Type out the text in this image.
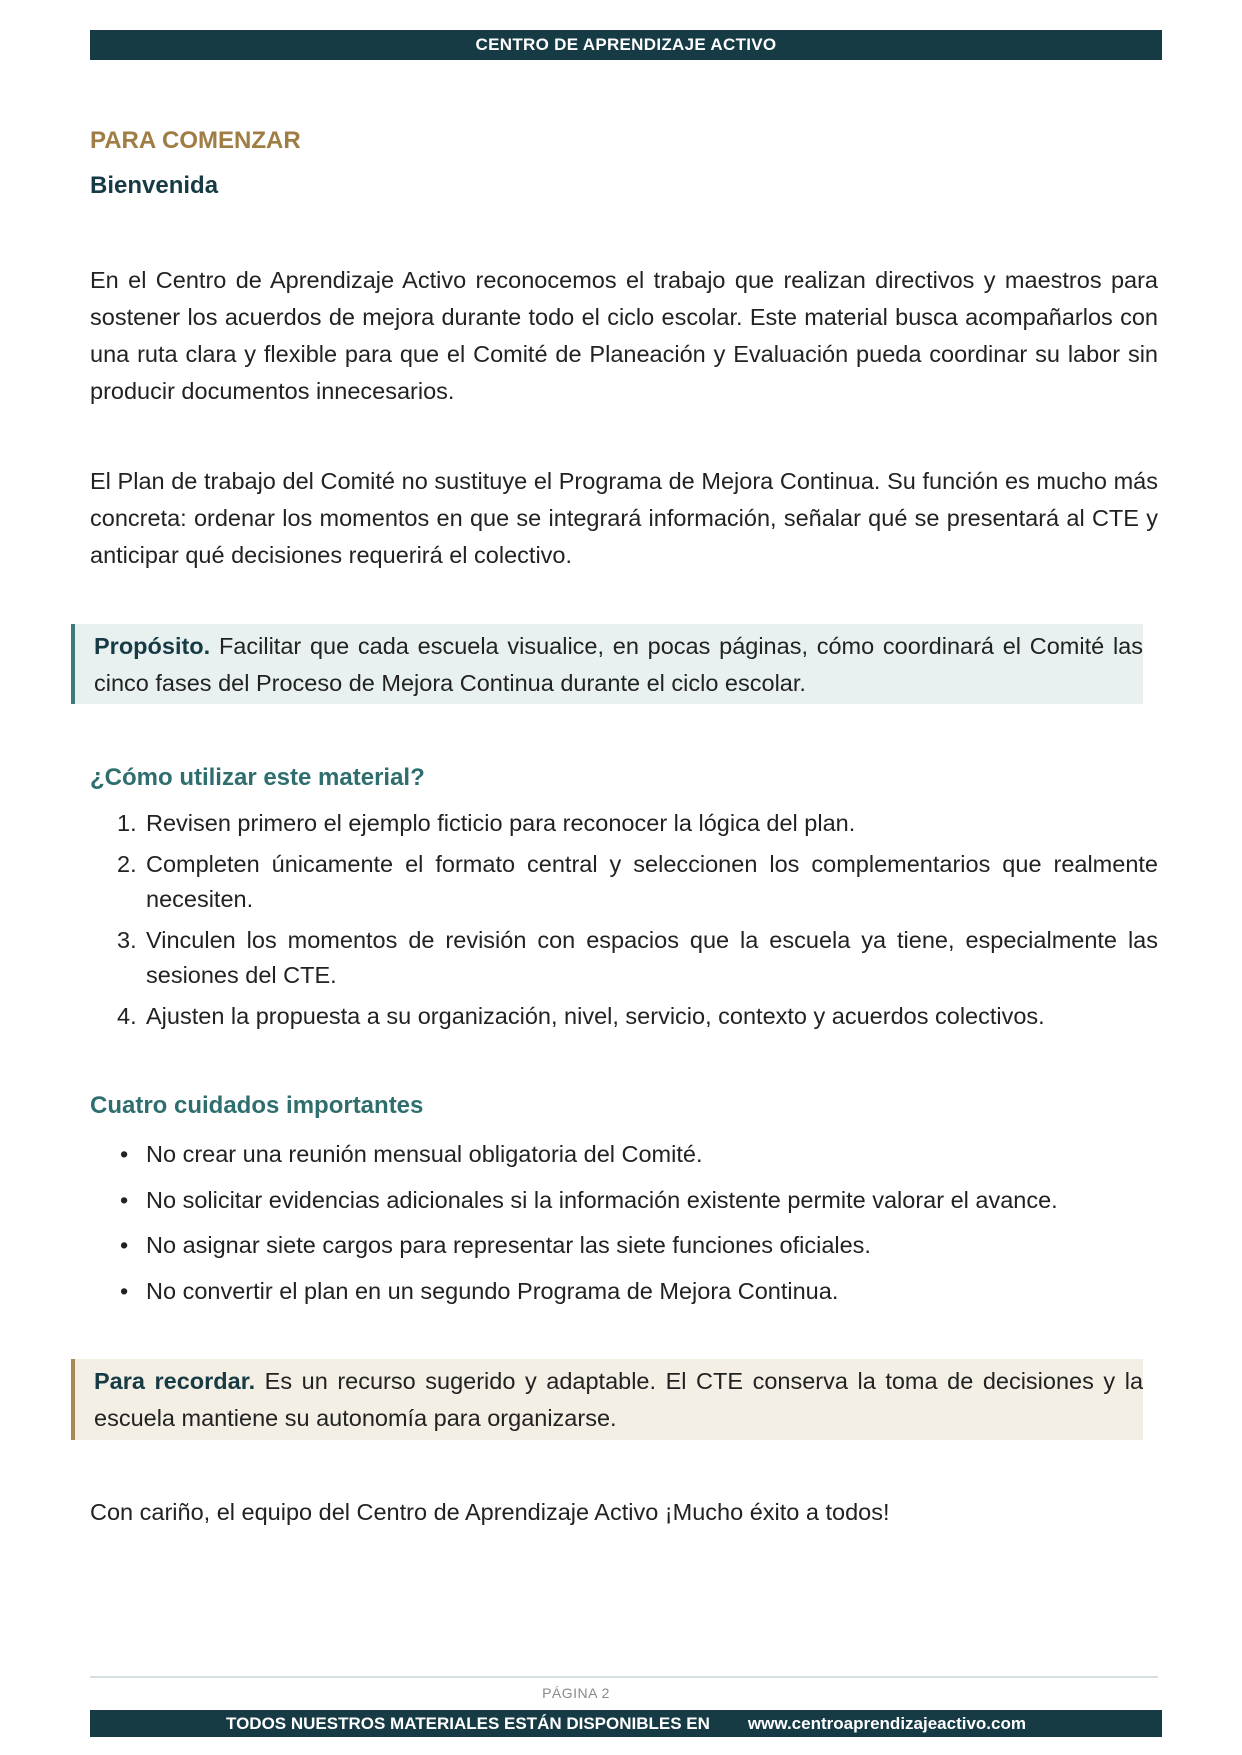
CENTRO DE APRENDIZAJE ACTIVO
PARA COMENZAR
Bienvenida

En el Centro de Aprendizaje Activo reconocemos el trabajo que realizan directivos y maestros para sostener los acuerdos de mejora durante todo el ciclo escolar. Este material busca acompañarlos con una ruta clara y flexible para que el Comité de Planeación y Evaluación pueda coordinar su labor sin producir documentos innecesarios.

El Plan de trabajo del Comité no sustituye el Programa de Mejora Continua. Su función es mucho más concreta: ordenar los momentos en que se integrará información, señalar qué se presentará al CTE y anticipar qué decisiones requerirá el colectivo.

Propósito. Facilitar que cada escuela visualice, en pocas páginas, cómo coordinará el Comité las cinco fases del Proceso de Mejora Continua durante el ciclo escolar.
¿Cómo utilizar este material?
1. Revisen primero el ejemplo ficticio para reconocer la lógica del plan.
2. Completen únicamente el formato central y seleccionen los complementarios que realmente necesiten.
3. Vinculen los momentos de revisión con espacios que la escuela ya tiene, especialmente las sesiones del CTE.
4. Ajusten la propuesta a su organización, nivel, servicio, contexto y acuerdos colectivos.
Cuatro cuidados importantes
• No crear una reunión mensual obligatoria del Comité.
• No solicitar evidencias adicionales si la información existente permite valorar el avance.
• No asignar siete cargos para representar las siete funciones oficiales.
• No convertir el plan en un segundo Programa de Mejora Continua.
Para recordar. Es un recurso sugerido y adaptable. El CTE conserva la toma de decisiones y la escuela mantiene su autonomía para organizarse.
Con cariño, el equipo del Centro de Aprendizaje Activo ¡Mucho éxito a todos!
PÁGINA 2
TODOS NUESTROS MATERIALES ESTÁN DISPONIBLES EN www.centroaprendizajeactivo.com
